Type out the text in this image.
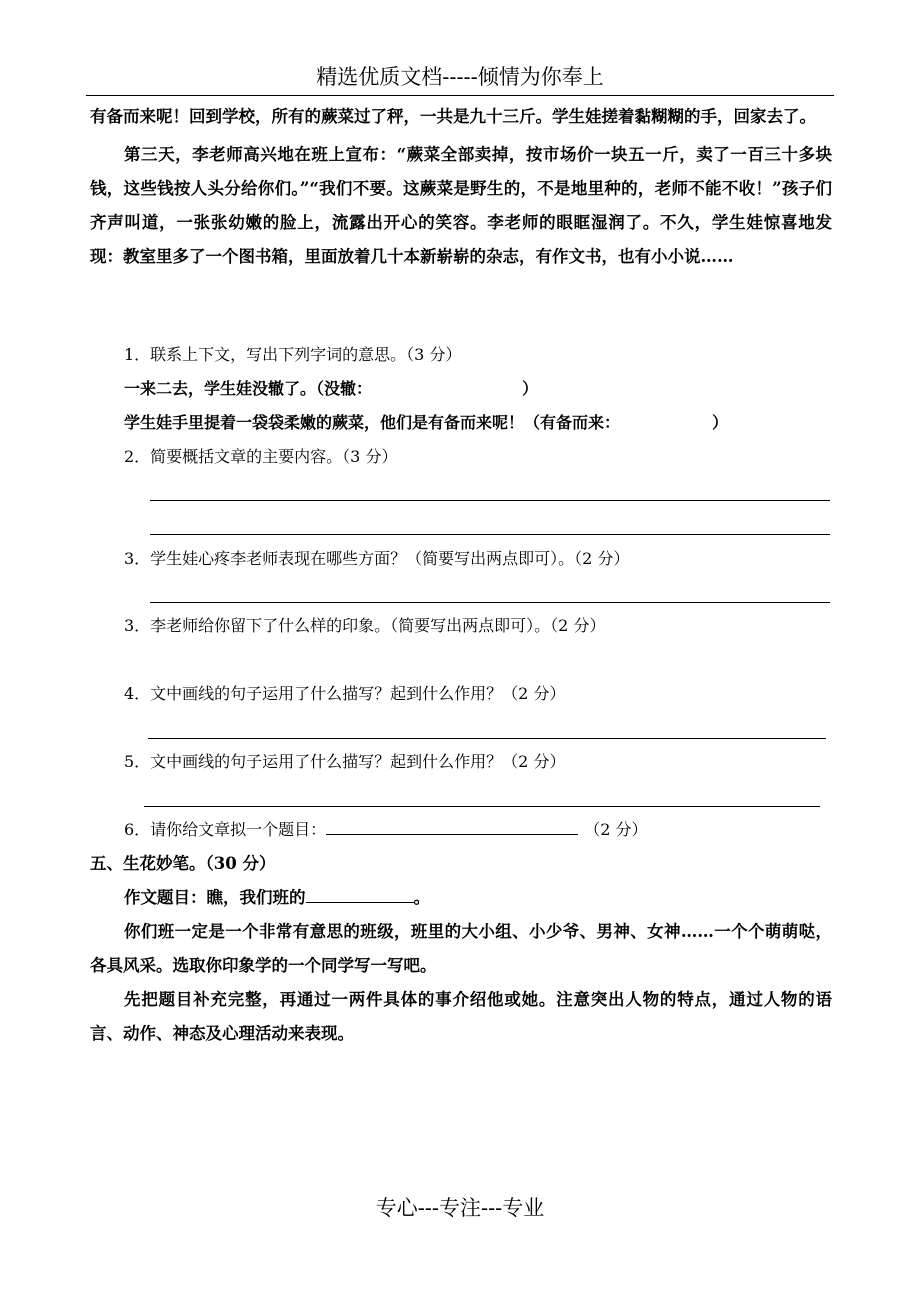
精选优质文档-----倾情为你奉上

有备而来呢！回到学校，所有的蕨菜过了秤，一共是九十三斤。学生娃搓着黏糊糊的手，回家去了。

第三天，李老师高兴地在班上宣布：“蕨菜全部卖掉，按市场价一块五一斤，卖了一百三十多块钱，这些钱按人头分给你们。”“我们不要。这蕨菜是野生的，不是地里种的，老师不能不收！”孩子们齐声叫道，一张张幼嫩的脸上，流露出开心的笑容。李老师的眼眶湿润了。不久，学生娃惊喜地发现：教室里多了一个图书箱，里面放着几十本新崭崭的杂志，有作文书，也有小小说……

1．联系上下文，写出下列字词的意思。（3 分）

一来二去，学生娃没辙了。（没辙：	）

学生娃手里提着一袋袋柔嫩的蕨菜，他们是有备而来呢！（有备而来：	）

2．简要概括文章的主要内容。（3 分）

3．学生娃心疼李老师表现在哪些方面？（简要写出两点即可）。（2 分）

3．李老师给你留下了什么样的印象。（简要写出两点即可）。（2 分）

4．文中画线的句子运用了什么描写？起到什么作用？（2 分）

5．文中画线的句子运用了什么描写？起到什么作用？（2 分）

6．请你给文章拟一个题目：	（2 分）

五、生花妙笔。（30 分）

作文题目：瞧，我们班的	。

你们班一定是一个非常有意思的班级，班里的大小组、小少爷、男神、女神……一个个萌萌哒，各具风采。选取你印象学的一个同学写一写吧。

先把题目补充完整，再通过一两件具体的事介绍他或她。注意突出人物的特点，通过人物的语言、动作、神态及心理活动来表现。

专心---专注---专业
